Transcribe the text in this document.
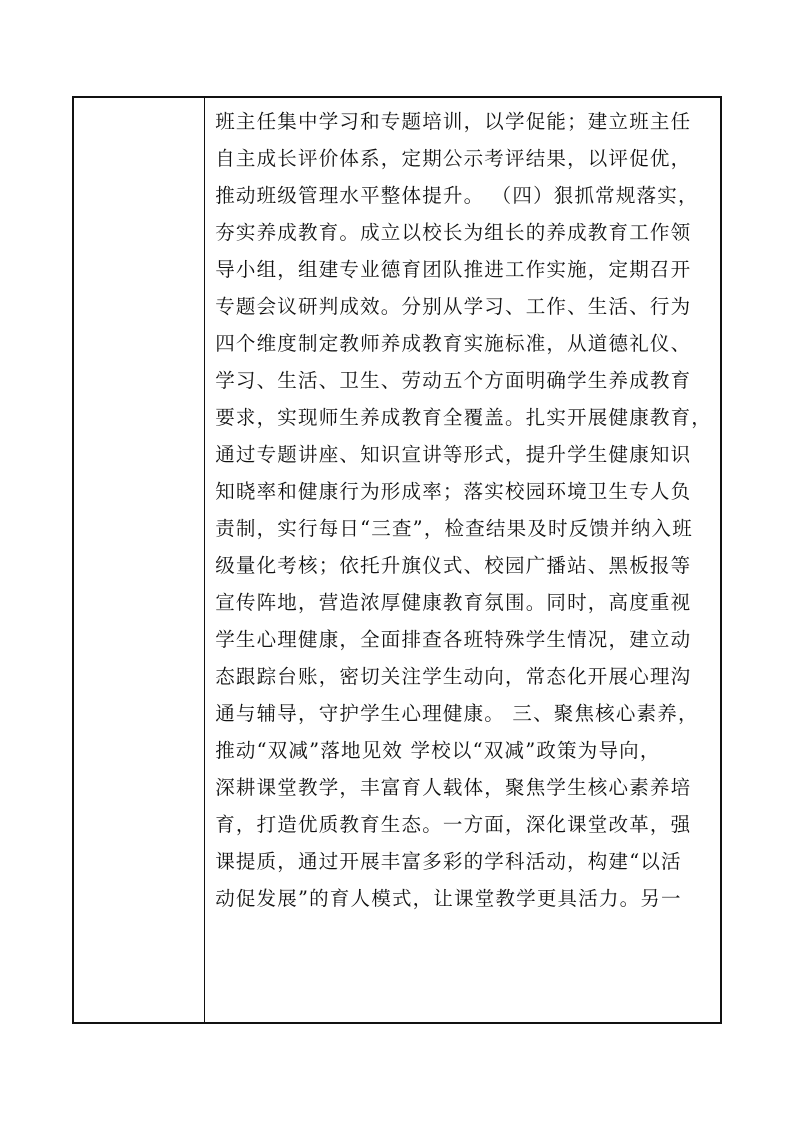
班主任集中学习和专题培训，以学促能；建立班主任
自主成长评价体系，定期公示考评结果，以评促优，
推动班级管理水平整体提升。 （四）狠抓常规落实，
夯实养成教育。成立以校长为组长的养成教育工作领
导小组，组建专业德育团队推进工作实施，定期召开
专题会议研判成效。分别从学习、工作、生活、行为
四个维度制定教师养成教育实施标准，从道德礼仪、
学习、生活、卫生、劳动五个方面明确学生养成教育
要求，实现师生养成教育全覆盖。扎实开展健康教育，
通过专题讲座、知识宣讲等形式，提升学生健康知识
知晓率和健康行为形成率；落实校园环境卫生专人负
责制，实行每日“三查”，检查结果及时反馈并纳入班
级量化考核；依托升旗仪式、校园广播站、黑板报等
宣传阵地，营造浓厚健康教育氛围。同时，高度重视
学生心理健康，全面排查各班特殊学生情况，建立动
态跟踪台账，密切关注学生动向，常态化开展心理沟
通与辅导，守护学生心理健康。 三、聚焦核心素养，
推动“双减”落地见效 学校以“双减”政策为导向，
深耕课堂教学，丰富育人载体，聚焦学生核心素养培
育，打造优质教育生态。一方面，深化课堂改革，强
课提质，通过开展丰富多彩的学科活动，构建“以活
动促发展”的育人模式，让课堂教学更具活力。另一
